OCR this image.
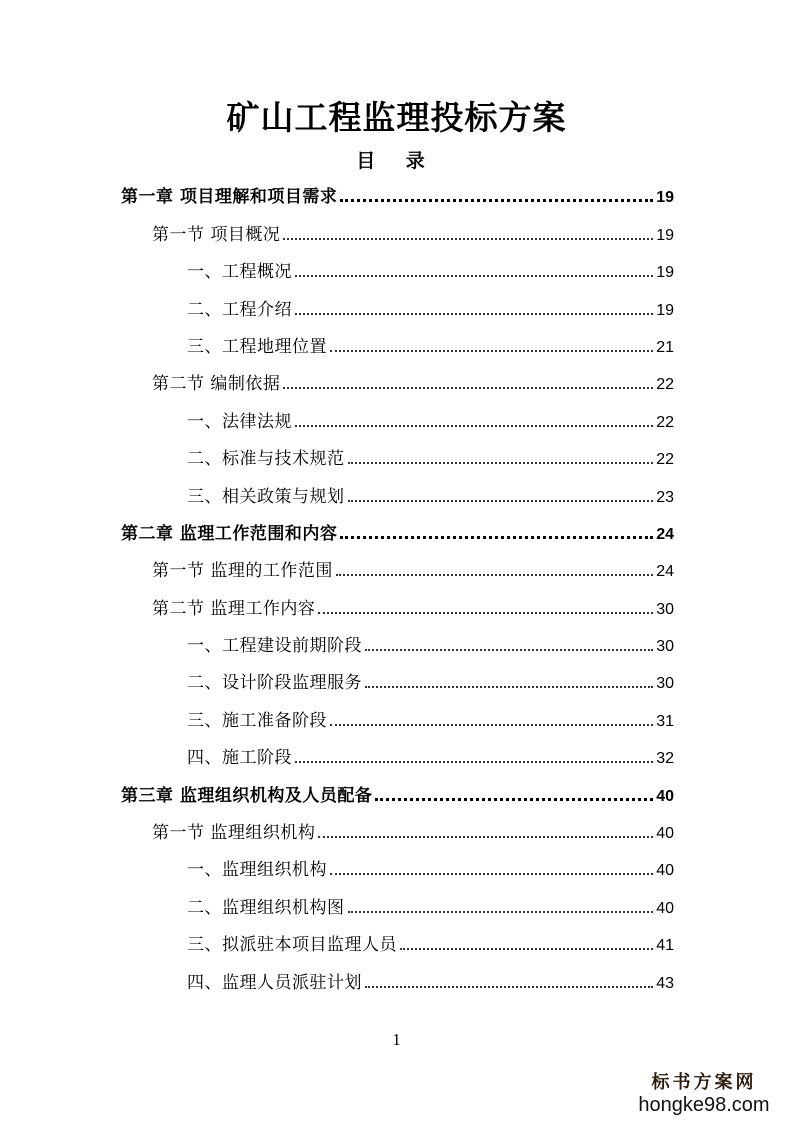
矿山工程监理投标方案
目 录
第一章 项目理解和项目需求	19
第一节 项目概况	19
一、工程概况	19
二、工程介绍	19
三、工程地理位置	21
第二节 编制依据	22
一、法律法规	22
二、标准与技术规范	22
三、相关政策与规划	23
第二章 监理工作范围和内容	24
第一节 监理的工作范围	24
第二节 监理工作内容	30
一、工程建设前期阶段	30
二、设计阶段监理服务	30
三、施工准备阶段	31
四、施工阶段	32
第三章 监理组织机构及人员配备	40
第一节 监理组织机构	40
一、监理组织机构	40
二、监理组织机构图	40
三、拟派驻本项目监理人员	41
四、监理人员派驻计划	43
1
标书方案网
hongke98.com
